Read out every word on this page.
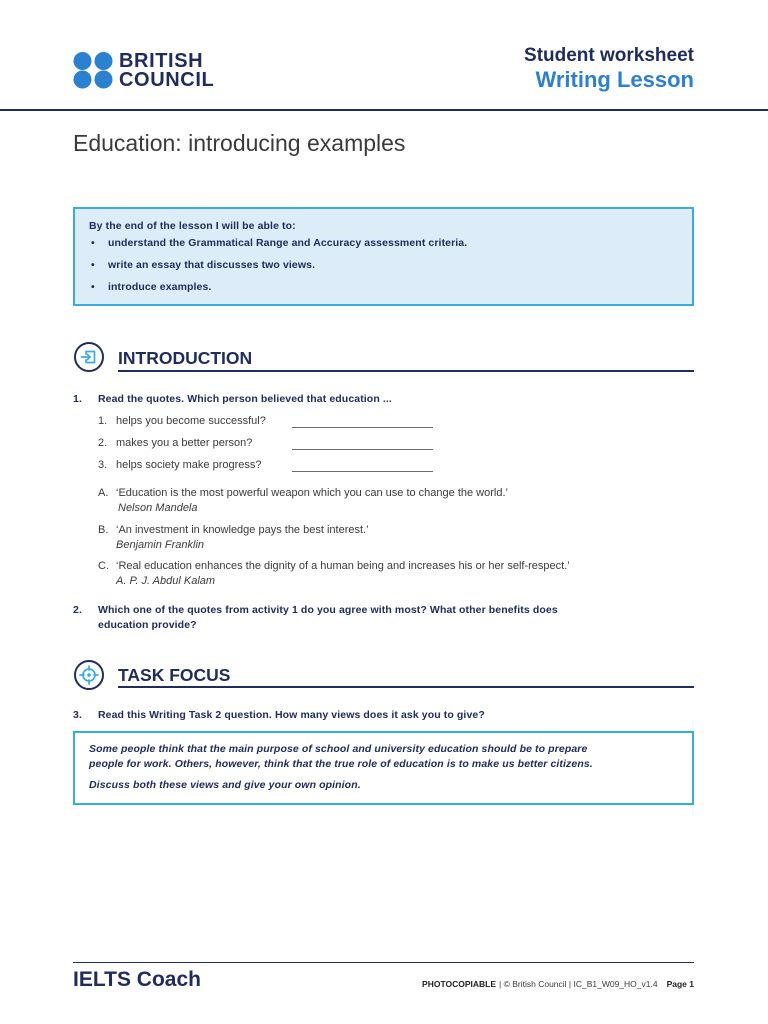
BRITISH
COUNCIL
Student worksheet
Writing Lesson
Education: introducing examples
By the end of the lesson I will be able to:
• understand the Grammatical Range and Accuracy assessment criteria.
• write an essay that discusses two views.
• introduce examples.
INTRODUCTION
1. Read the quotes. Which person believed that education ...
1. helps you become successful?
2. makes you a better person?
3. helps society make progress?
A. ‘Education is the most powerful weapon which you can use to change the world.’
Nelson Mandela
B. ‘An investment in knowledge pays the best interest.’
Benjamin Franklin
C. ‘Real education enhances the dignity of a human being and increases his or her self-respect.’
A. P. J. Abdul Kalam
2. Which one of the quotes from activity 1 do you agree with most? What other benefits does
education provide?
TASK FOCUS
3. Read this Writing Task 2 question. How many views does it ask you to give?
Some people think that the main purpose of school and university education should be to prepare
people for work. Others, however, think that the true role of education is to make us better citizens.
Discuss both these views and give your own opinion.
IELTS Coach	PHOTOCOPIABLE | © British Council | IC_B1_W09_HO_v1.4 Page 1
